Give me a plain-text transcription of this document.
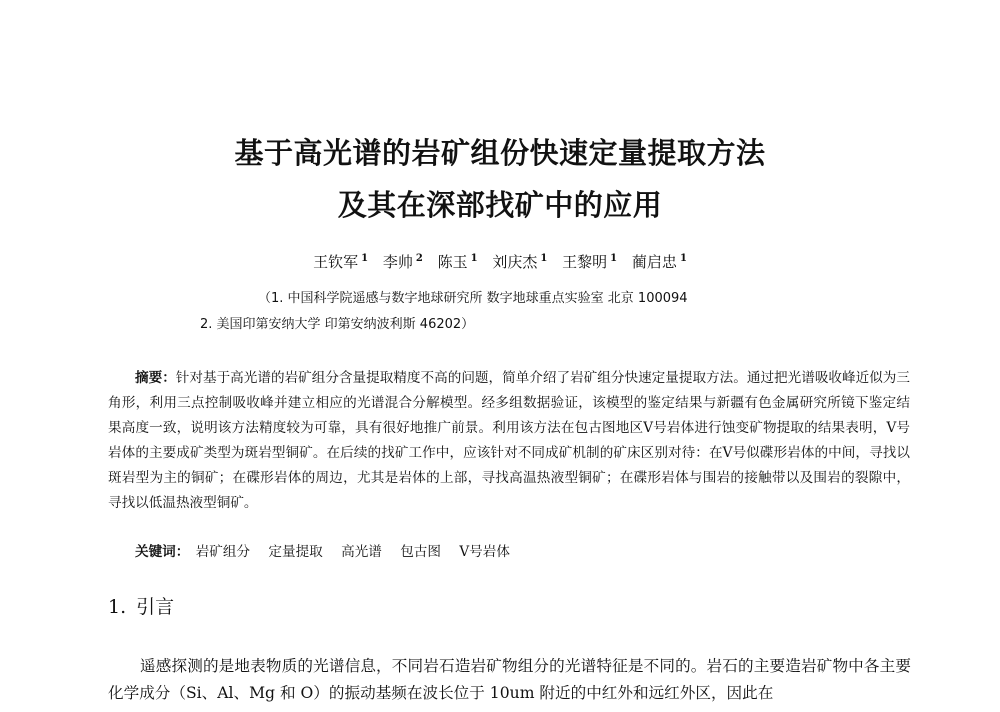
基于高光谱的岩矿组份快速定量提取方法
及其在深部找矿中的应用
王钦军 $^1$ 李帅 $^2$ 陈玉 $^1$ 刘庆杰 $^1$ 王黎明 $^1$ 蔺启忠 $^1$
（1. 中国科学院遥感与数字地球研究所 数字地球重点实验室 北京 100094
2. 美国印第安纳大学 印第安纳波利斯 46202）

摘要：针对基于高光谱的岩矿组分含量提取精度不高的问题，简单介绍了岩矿组分快速定量提取方法。通过把光谱吸收峰近似为三角形，利用三点控制吸收峰并建立相应的光谱混合分解模型。经多组数据验证，该模型的鉴定结果与新疆有色金属研究所镜下鉴定结果高度一致，说明该方法精度较为可靠，具有很好地推广前景。利用该方法在包古图地区Ⅴ号岩体进行蚀变矿物提取的结果表明，Ⅴ号岩体的主要成矿类型为斑岩型铜矿。在后续的找矿工作中，应该针对不同成矿机制的矿床区别对待：在Ⅴ号似碟形岩体的中间，寻找以斑岩型为主的铜矿；在碟形岩体的周边，尤其是岩体的上部，寻找高温热液型铜矿；在碟形岩体与围岩的接触带以及围岩的裂隙中，寻找以低温热液型铜矿。

关键词： 岩矿组分 定量提取 高光谱 包古图 Ⅴ号岩体
1. 引言

遥感探测的是地表物质的光谱信息，不同岩石造岩矿物组分的光谱特征是不同的。岩石的主要造岩矿物中各主要化学成分（Si、Al、Mg 和 O）的振动基频在波长位于 10um 附近的中红外和远红外区，因此在
